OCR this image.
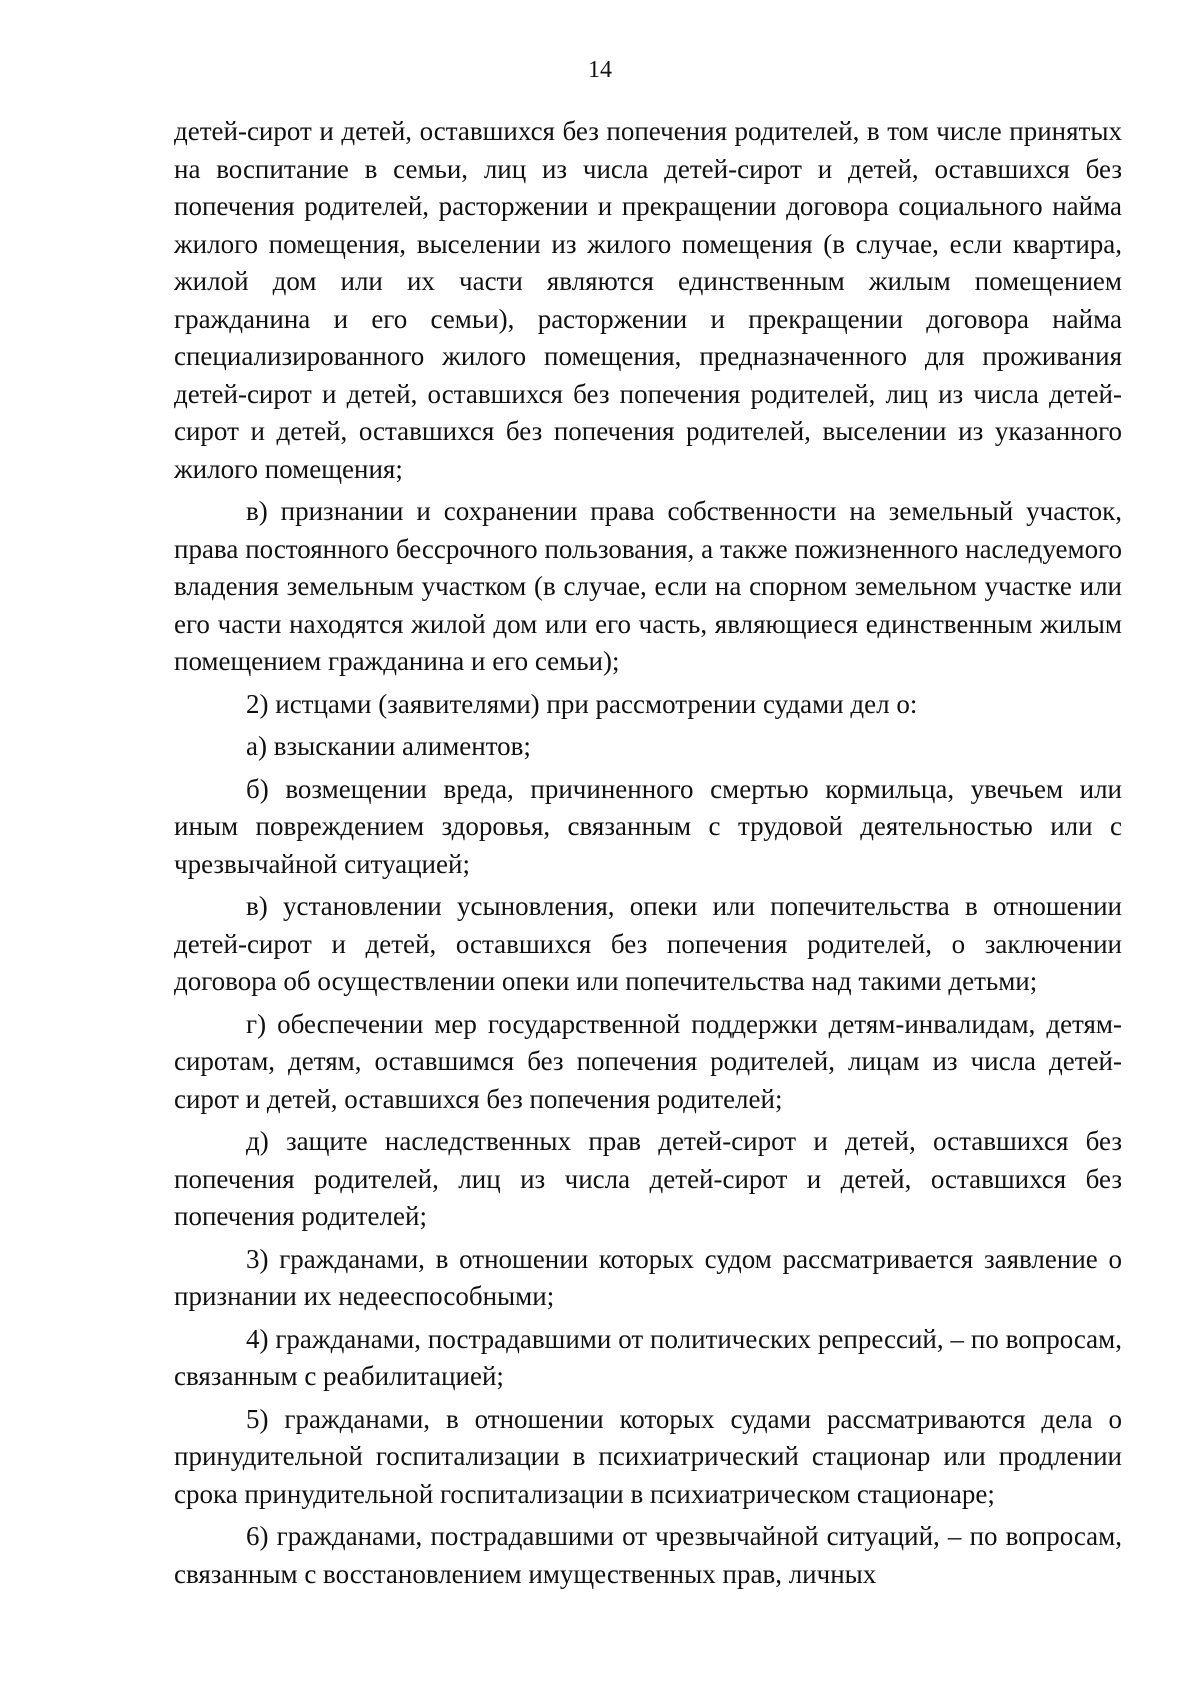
14

детей-сирот и детей, оставшихся без попечения родителей, в том числе принятых на воспитание в семьи, лиц из числа детей-сирот и детей, оставшихся без попечения родителей, расторжении и прекращении договора социального найма жилого помещения, выселении из жилого помещения (в случае, если квартира, жилой дом или их части являются единственным жилым помещением гражданина и его семьи), расторжении и прекращении договора найма специализированного жилого помещения, предназначенного для проживания детей-сирот и детей, оставшихся без попечения родителей, лиц из числа детей-сирот и детей, оставшихся без попечения родителей, выселении из указанного жилого помещения;

в) признании и сохранении права собственности на земельный участок, права постоянного бессрочного пользования, а также пожизненного наследуемого владения земельным участком (в случае, если на спорном земельном участке или его части находятся жилой дом или его часть, являющиеся единственным жилым помещением гражданина и его семьи);

2) истцами (заявителями) при рассмотрении судами дел о:

а) взыскании алиментов;

б) возмещении вреда, причиненного смертью кормильца, увечьем или иным повреждением здоровья, связанным с трудовой деятельностью или с чрезвычайной ситуацией;

в) установлении усыновления, опеки или попечительства в отношении детей-сирот и детей, оставшихся без попечения родителей, о заключении договора об осуществлении опеки или попечительства над такими детьми;

г) обеспечении мер государственной поддержки детям-инвалидам, детям-сиротам, детям, оставшимся без попечения родителей, лицам из числа детей-сирот и детей, оставшихся без попечения родителей;

д) защите наследственных прав детей-сирот и детей, оставшихся без попечения родителей, лиц из числа детей-сирот и детей, оставшихся без попечения родителей;

3) гражданами, в отношении которых судом рассматривается заявление о признании их недееспособными;

4) гражданами, пострадавшими от политических репрессий, – по вопросам, связанным с реабилитацией;

5) гражданами, в отношении которых судами рассматриваются дела о принудительной госпитализации в психиатрический стационар или продлении срока принудительной госпитализации в психиатрическом стационаре;

6) гражданами, пострадавшими от чрезвычайной ситуаций, – по вопросам, связанным с восстановлением имущественных прав, личных
